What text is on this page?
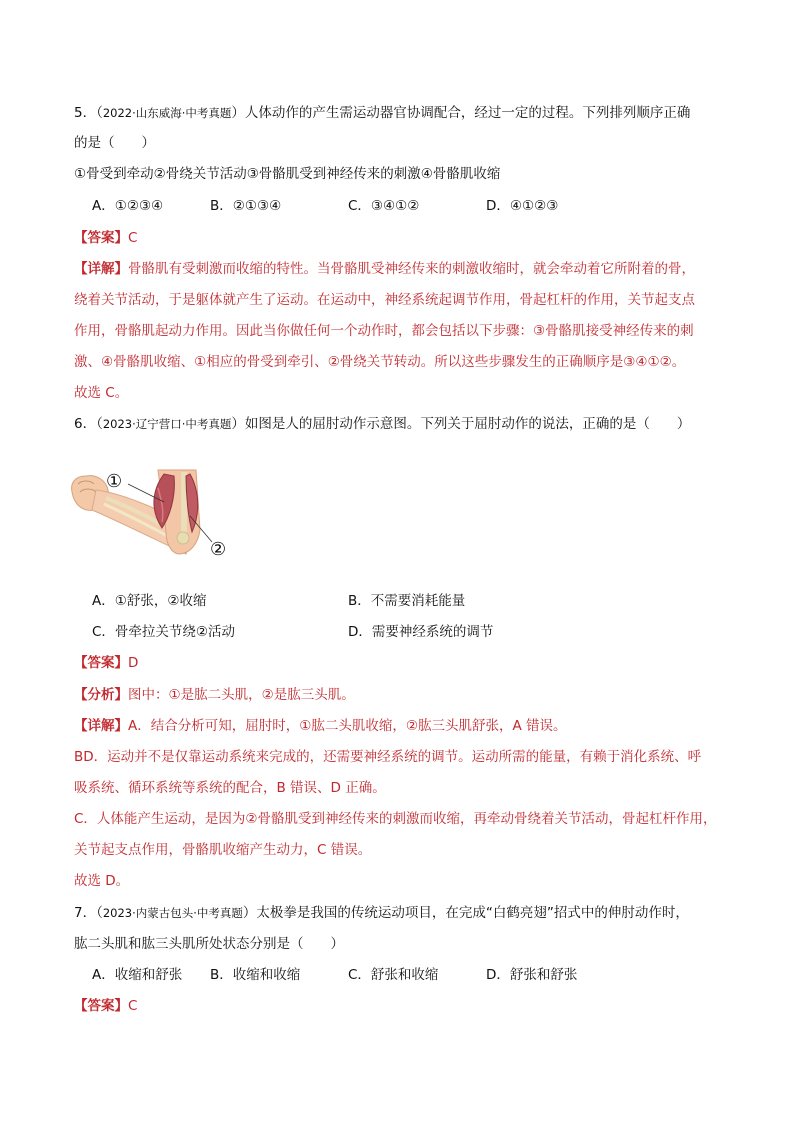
5．（2022·山东威海·中考真题）人体动作的产生需运动器官协调配合，经过一定的过程。下列排列顺序正确
的是（　　）
①骨受到牵动②骨绕关节活动③骨骼肌受到神经传来的刺激④骨骼肌收缩
A．①②③④	B．②①③④	C．③④①②	D．④①②③
【答案】C
【详解】骨骼肌有受刺激而收缩的特性。当骨骼肌受神经传来的刺激收缩时，就会牵动着它所附着的骨，
绕着关节活动，于是躯体就产生了运动。在运动中，神经系统起调节作用，骨起杠杆的作用，关节起支点
作用，骨骼肌起动力作用。因此当你做任何一个动作时，都会包括以下步骤：③骨骼肌接受神经传来的刺
激、④骨骼肌收缩、①相应的骨受到牵引、②骨绕关节转动。所以这些步骤发生的正确顺序是③④①②。
故选 C。
6．（2023·辽宁营口·中考真题）如图是人的屈肘动作示意图。下列关于屈肘动作的说法，正确的是（　　）
①
②
A．①舒张，②收缩	B．不需要消耗能量
C．骨牵拉关节绕②活动	D．需要神经系统的调节
【答案】D
【分析】图中：①是肱二头肌，②是肱三头肌。
【详解】A．结合分析可知，屈肘时，①肱二头肌收缩，②肱三头肌舒张，A 错误。
BD．运动并不是仅靠运动系统来完成的，还需要神经系统的调节。运动所需的能量，有赖于消化系统、呼
吸系统、循环系统等系统的配合，B 错误、D 正确。
C．人体能产生运动，是因为②骨骼肌受到神经传来的刺激而收缩，再牵动骨绕着关节活动，骨起杠杆作用，
关节起支点作用，骨骼肌收缩产生动力，C 错误。
故选 D。
7．（2023·内蒙古包头·中考真题）太极拳是我国的传统运动项目，在完成“白鹤亮翅”招式中的伸肘动作时，
肱二头肌和肱三头肌所处状态分别是（　　）
A．收缩和舒张 B．收缩和收缩	C．舒张和收缩	D．舒张和舒张
【答案】C
